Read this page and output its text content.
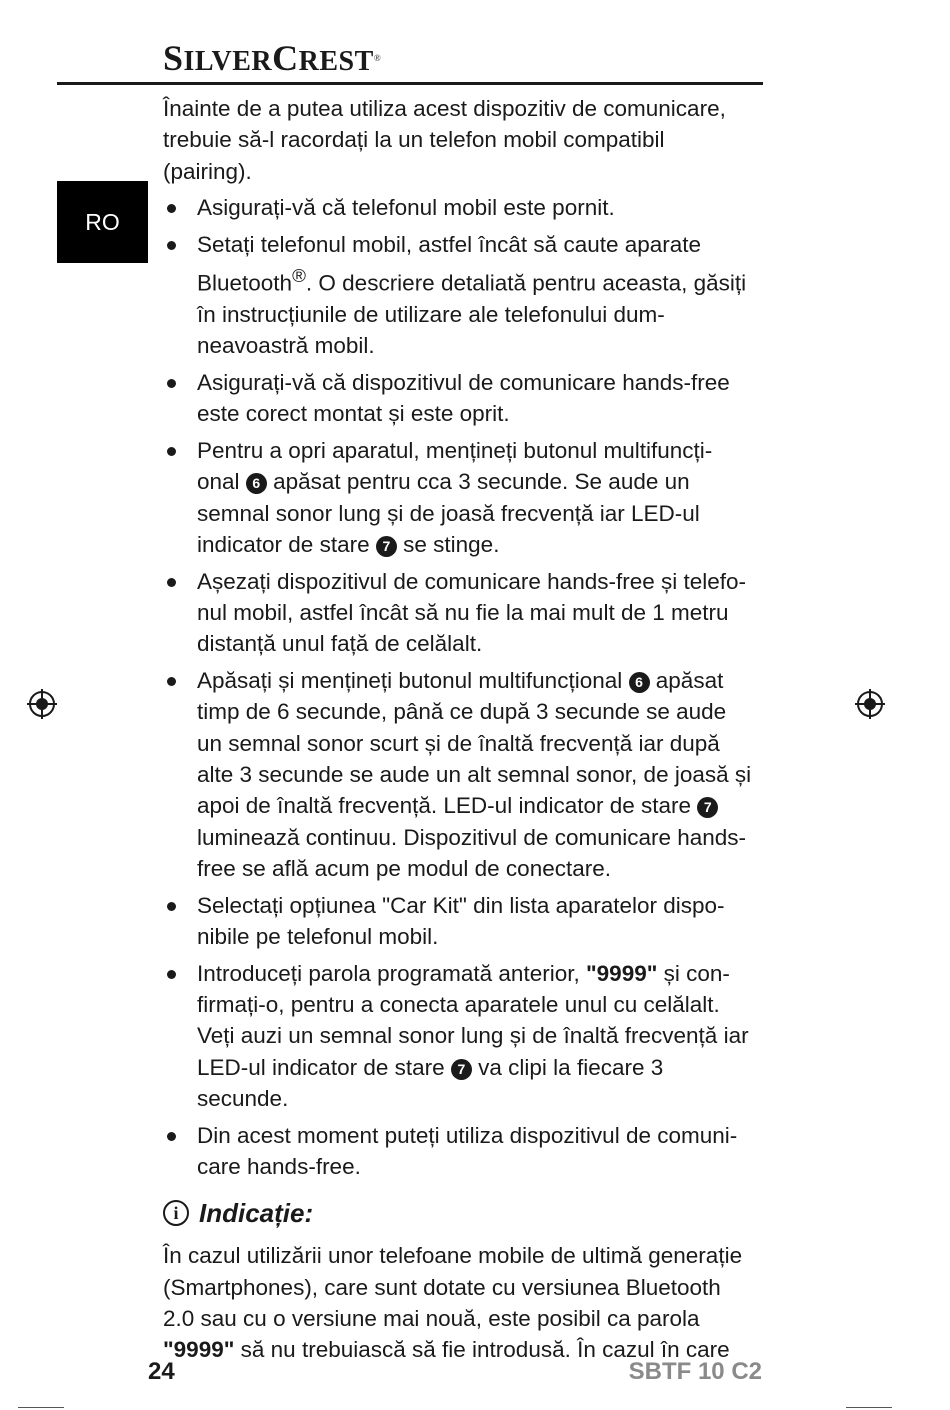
SILVERCREST®
RO

Înainte de a putea utiliza acest dispozitiv de comunicare, trebuie să-l racordați la un telefon mobil compatibil (pairing).

Asigurați-vă că telefonul mobil este pornit.
Setați telefonul mobil, astfel încât să caute aparate Bluetooth®. O descriere detaliată pentru aceasta, găsiți în instrucțiunile de utilizare ale telefonului dum-neavoastră mobil.
Asigurați-vă că dispozitivul de comunicare hands-free este corect montat și este oprit.
Pentru a opri aparatul, mențineți butonul multifuncți-onal 6 apăsat pentru cca 3 secunde. Se aude un semnal sonor lung și de joasă frecvență iar LED-ul indicator de stare 7 se stinge.
Așezați dispozitivul de comunicare hands-free și telefo-nul mobil, astfel încât să nu fie la mai mult de 1 metru distanță unul față de celălalt.
Apăsați și mențineți butonul multifuncțional 6 apăsat timp de 6 secunde, până ce după 3 secunde se aude un semnal sonor scurt și de înaltă frecvență iar după alte 3 secunde se aude un alt semnal sonor, de joasă și apoi de înaltă frecvență. LED-ul indicator de stare 7 luminează continuu. Dispozitivul de comunicare hands-free se află acum pe modul de conectare.
Selectați opțiunea "Car Kit" din lista aparatelor dispo-nibile pe telefonul mobil.
Introduceți parola programată anterior, "9999" și con-firmați-o, pentru a conecta aparatele unul cu celălalt. Veți auzi un semnal sonor lung și de înaltă frecvență iar LED-ul indicator de stare 7 va clipi la fiecare 3 secunde.
Din acest moment puteți utiliza dispozitivul de comuni-care hands-free.
i Indicație:

În cazul utilizării unor telefoane mobile de ultimă generație (Smartphones), care sunt dotate cu versiunea Bluetooth 2.0 sau cu o versiune mai nouă, este posibil ca parola
"9999" să nu trebuiască să fie introdusă. În cazul în care

24	SBTF 10 C2
